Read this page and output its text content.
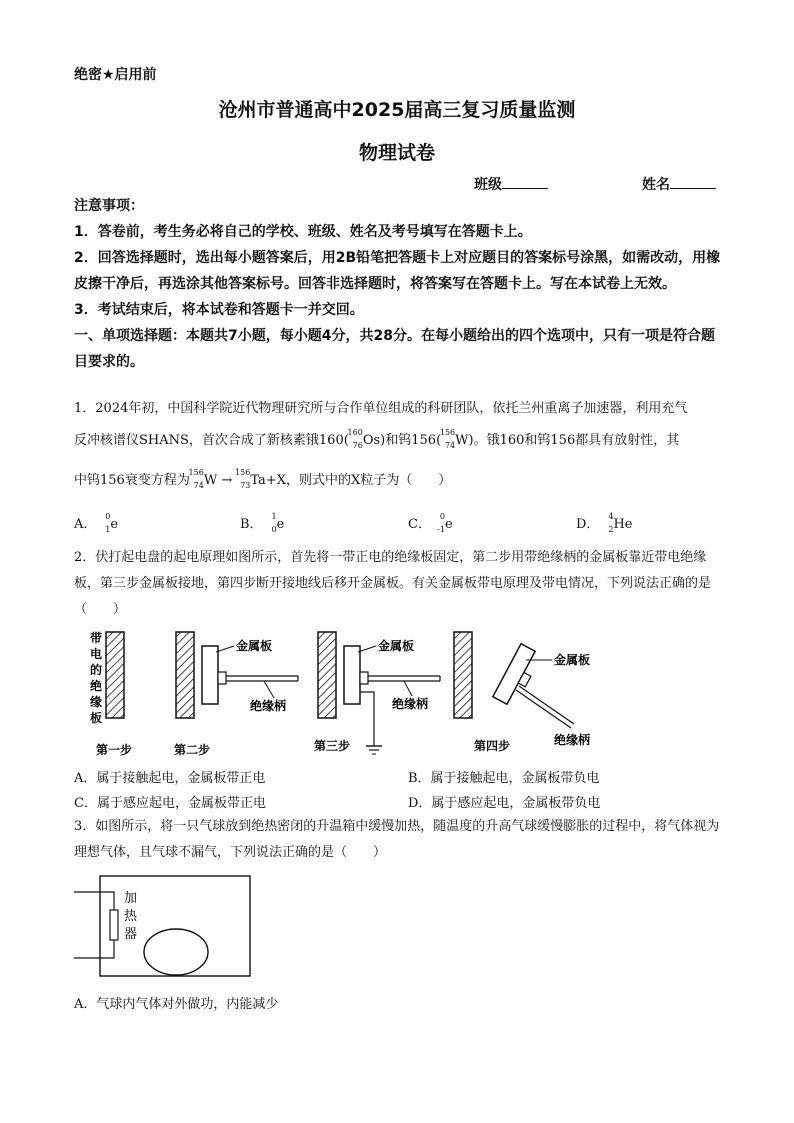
绝密★启用前
沧州市普通高中2025届高三复习质量监测
物理试卷
班级	姓名
注意事项：
1．答卷前，考生务必将自己的学校、班级、姓名及考号填写在答题卡上。
2．回答选择题时，选出每小题答案后，用2B铅笔把答题卡上对应题目的答案标号涂黑，如需改动，用橡皮擦干净后，再选涂其他答案标号。回答非选择题时，将答案写在答题卡上。写在本试卷上无效。
3．考试结束后，将本试卷和答题卡一并交回。
一、单项选择题：本题共7小题，每小题4分，共28分。在每小题给出的四个选项中，只有一项是符合题目要求的。
1．2024年初，中国科学院近代物理研究所与合作单位组成的科研团队，依托兰州重离子加速器，利用充气
反冲核谱仪SHANS，首次合成了新核素锇160(
160
76 Os)和钨156(
156
74 W)。锇160和钨156都具有放射性，其
中钨156衰变方程为
156
74 W →
156
73 Ta+X，则式中的X粒子为（　　）
A．
0
1 e	B．
1
0 e	C．
0
-1 e	D．
4
2 He
2．伏打起电盘的起电原理如图所示，首先将一带正电的绝缘板固定，第二步用带绝缘柄的金属板靠近带电绝缘板，第三步金属板接地，第四步断开接地线后移开金属板。有关金属板带电原理及带电情况，下列说法正确的是（　　）
带
电
的
绝
缘
板
第一步
金属板
绝缘柄
第二步
金属板
绝缘柄
第三步
金属板
绝缘柄
第四步
A．属于接触起电，金属板带正电	B．属于接触起电，金属板带负电
C．属于感应起电，金属板带正电	D．属于感应起电，金属板带负电
3．如图所示，将一只气球放到绝热密闭的升温箱中缓慢加热，随温度的升高气球缓慢膨胀的过程中，将气体视为理想气体，且气球不漏气，下列说法正确的是（　　）
加
热
器
A．气球内气体对外做功，内能减少
